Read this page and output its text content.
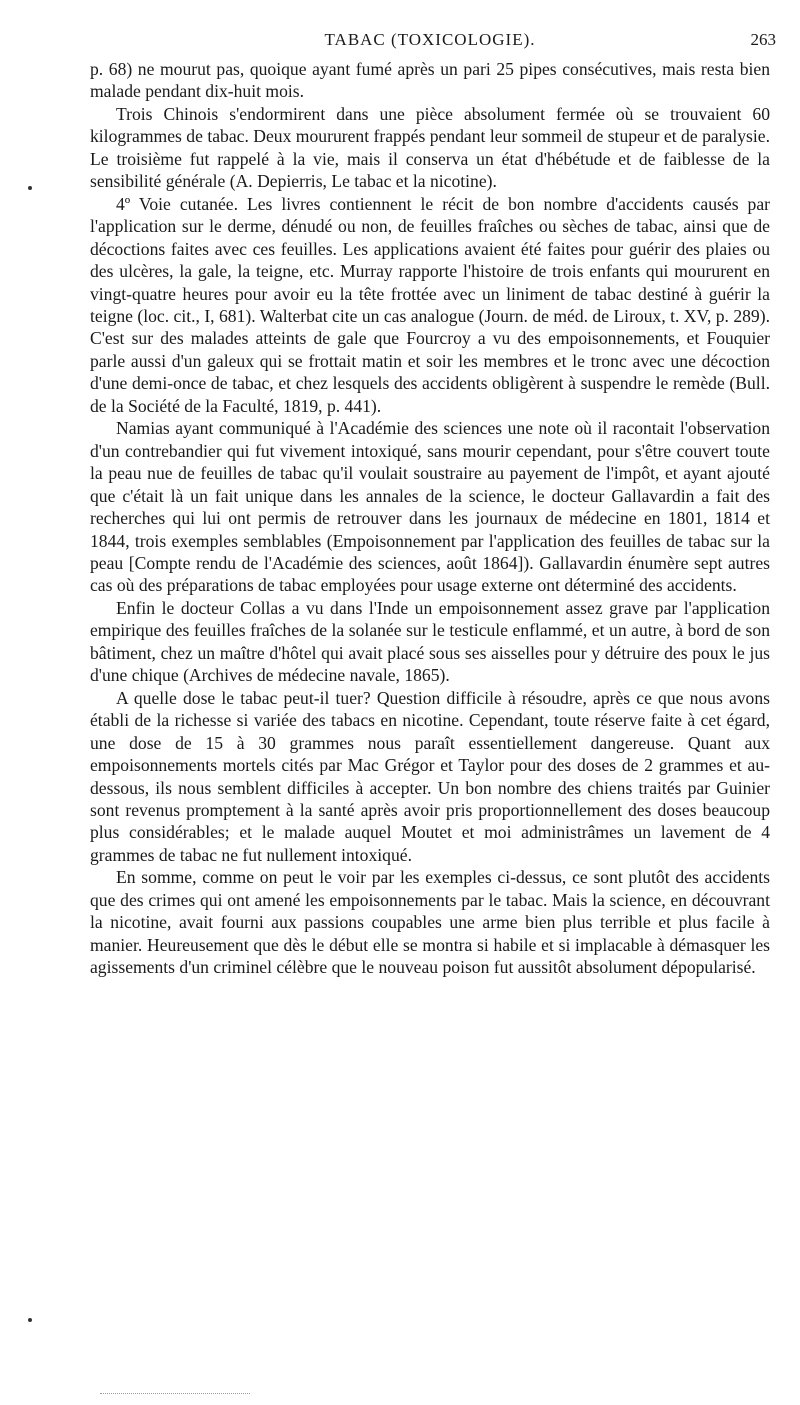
TABAC (TOXICOLOGIE).	263

p. 68) ne mourut pas, quoique ayant fumé après un pari 25 pipes consécutives, mais resta bien malade pendant dix-huit mois.

Trois Chinois s'endormirent dans une pièce absolument fermée où se trouvaient 60 kilogrammes de tabac. Deux moururent frappés pendant leur sommeil de stupeur et de paralysie. Le troisième fut rappelé à la vie, mais il conserva un état d'hébétude et de faiblesse de la sensibilité générale (A. Depierris, Le tabac et la nicotine).

4º Voie cutanée. Les livres contiennent le récit de bon nombre d'accidents causés par l'application sur le derme, dénudé ou non, de feuilles fraîches ou sèches de tabac, ainsi que de décoctions faites avec ces feuilles. Les applications avaient été faites pour guérir des plaies ou des ulcères, la gale, la teigne, etc. Murray rapporte l'histoire de trois enfants qui moururent en vingt-quatre heures pour avoir eu la tête frottée avec un liniment de tabac destiné à guérir la teigne (loc. cit., I, 681). Walterbat cite un cas analogue (Journ. de méd. de Liroux, t. XV, p. 289). C'est sur des malades atteints de gale que Fourcroy a vu des empoisonnements, et Fouquier parle aussi d'un galeux qui se frottait matin et soir les membres et le tronc avec une décoction d'une demi-once de tabac, et chez lesquels des accidents obligèrent à suspendre le remède (Bull. de la Société de la Faculté, 1819, p. 441).

Namias ayant communiqué à l'Académie des sciences une note où il racontait l'observation d'un contrebandier qui fut vivement intoxiqué, sans mourir cependant, pour s'être couvert toute la peau nue de feuilles de tabac qu'il voulait soustraire au payement de l'impôt, et ayant ajouté que c'était là un fait unique dans les annales de la science, le docteur Gallavardin a fait des recherches qui lui ont permis de retrouver dans les journaux de médecine en 1801, 1814 et 1844, trois exemples semblables (Empoisonnement par l'application des feuilles de tabac sur la peau [Compte rendu de l'Académie des sciences, août 1864]). Gallavardin énumère sept autres cas où des préparations de tabac employées pour usage externe ont déterminé des accidents.

Enfin le docteur Collas a vu dans l'Inde un empoisonnement assez grave par l'application empirique des feuilles fraîches de la solanée sur le testicule enflammé, et un autre, à bord de son bâtiment, chez un maître d'hôtel qui avait placé sous ses aisselles pour y détruire des poux le jus d'une chique (Archives de médecine navale, 1865).

A quelle dose le tabac peut-il tuer? Question difficile à résoudre, après ce que nous avons établi de la richesse si variée des tabacs en nicotine. Cependant, toute réserve faite à cet égard, une dose de 15 à 30 grammes nous paraît essentiellement dangereuse. Quant aux empoisonnements mortels cités par Mac Grégor et Taylor pour des doses de 2 grammes et au-dessous, ils nous semblent difficiles à accepter. Un bon nombre des chiens traités par Guinier sont revenus promptement à la santé après avoir pris proportionnellement des doses beaucoup plus considérables; et le malade auquel Moutet et moi administrâmes un lavement de 4 grammes de tabac ne fut nullement intoxiqué.

En somme, comme on peut le voir par les exemples ci-dessus, ce sont plutôt des accidents que des crimes qui ont amené les empoisonnements par le tabac. Mais la science, en découvrant la nicotine, avait fourni aux passions coupables une arme bien plus terrible et plus facile à manier. Heureusement que dès le début elle se montra si habile et si implacable à démasquer les agissements d'un criminel célèbre que le nouveau poison fut aussitôt absolument dépopularisé.
